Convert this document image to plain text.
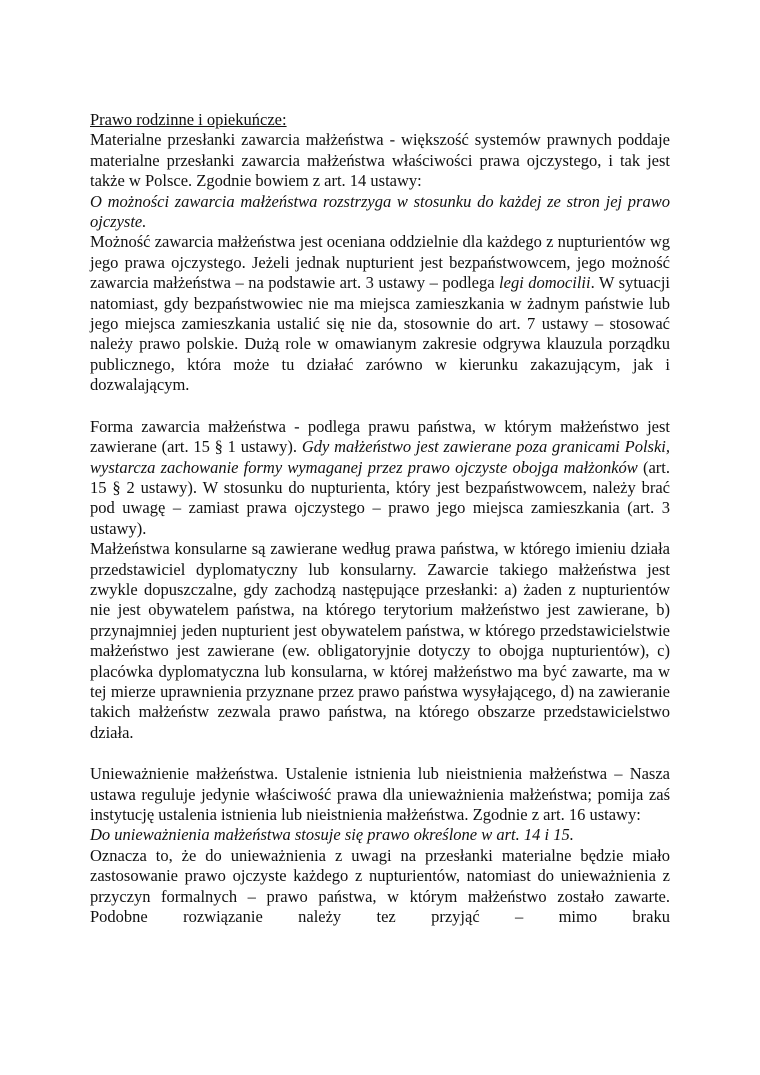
Prawo rodzinne i opiekuńcze:

Materialne przesłanki zawarcia małżeństwa - większość systemów prawnych poddaje materialne przesłanki zawarcia małżeństwa właściwości prawa ojczystego, i tak jest także w Polsce. Zgodnie bowiem z art. 14 ustawy:

O możności zawarcia małżeństwa rozstrzyga w stosunku do każdej ze stron jej prawo ojczyste.

Możność zawarcia małżeństwa jest oceniana oddzielnie dla każdego z nupturientów wg jego prawa ojczystego. Jeżeli jednak nupturient jest bezpaństwowcem, jego możność zawarcia małżeństwa – na podstawie art. 3 ustawy – podlega legi domocilii. W sytuacji natomiast, gdy bezpaństwowiec nie ma miejsca zamieszkania w żadnym państwie lub jego miejsca zamieszkania ustalić się nie da, stosownie do art. 7 ustawy – stosować należy prawo polskie. Dużą role w omawianym zakresie odgrywa klauzula porządku publicznego, która może tu działać zarówno w kierunku zakazującym, jak i dozwalającym.

Forma zawarcia małżeństwa - podlega prawu państwa, w którym małżeństwo jest zawierane (art. 15 § 1 ustawy). Gdy małżeństwo jest zawierane poza granicami Polski, wystarcza zachowanie formy wymaganej przez prawo ojczyste obojga małżonków (art. 15 § 2 ustawy). W stosunku do nupturienta, który jest bezpaństwowcem, należy brać pod uwagę – zamiast prawa ojczystego – prawo jego miejsca zamieszkania (art. 3 ustawy).

Małżeństwa konsularne są zawierane według prawa państwa, w którego imieniu działa przedstawiciel dyplomatyczny lub konsularny. Zawarcie takiego małżeństwa jest zwykle dopuszczalne, gdy zachodzą następujące przesłanki: a) żaden z nupturientów nie jest obywatelem państwa, na którego terytorium małżeństwo jest zawierane, b) przynajmniej jeden nupturient jest obywatelem państwa, w którego przedstawicielstwie małżeństwo jest zawierane (ew. obligatoryjnie dotyczy to obojga nupturientów), c) placówka dyplomatyczna lub konsularna, w której małżeństwo ma być zawarte, ma w tej mierze uprawnienia przyznane przez prawo państwa wysyłającego, d) na zawieranie takich małżeństw zezwala prawo państwa, na którego obszarze przedstawicielstwo działa.

Unieważnienie małżeństwa. Ustalenie istnienia lub nieistnienia małżeństwa – Nasza ustawa reguluje jedynie właściwość prawa dla unieważnienia małżeństwa; pomija zaś instytucję ustalenia istnienia lub nieistnienia małżeństwa. Zgodnie z art. 16 ustawy:

Do unieważnienia małżeństwa stosuje się prawo określone w art. 14 i 15.

Oznacza to, że do unieważnienia z uwagi na przesłanki materialne będzie miało zastosowanie prawo ojczyste każdego z nupturientów, natomiast do unieważnienia z przyczyn formalnych – prawo państwa, w którym małżeństwo zostało zawarte. Podobne rozwiązanie należy tez przyjąć – mimo braku
